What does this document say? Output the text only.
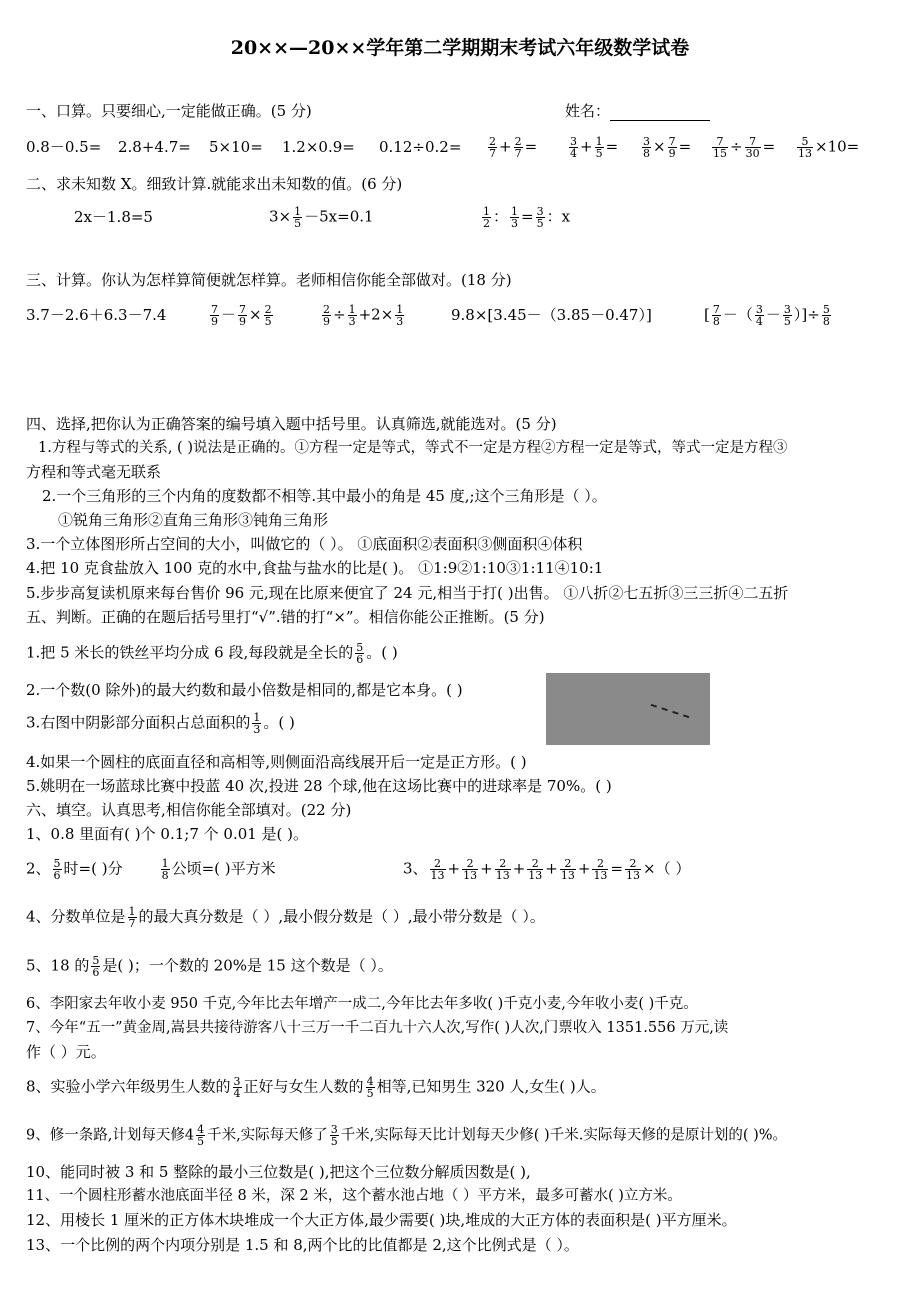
20××—20××学年第二学期期末考试六年级数学试卷
一、口算。只要细心,一定能做正确。(5 分)	姓名：
$0.8-0.5= 2.8+4.7= 5\times 10= 1.2\times 0.9= 0.12\div 0.2= \frac{2}{7} + \frac{2}{7}$ =	$\frac{3}{4} + \frac{1}{5} = \frac{3}{8} \times \frac{7}{9} = \frac{7}{15} \div \frac{7}{30} = \frac{5}{13} \times 10=$
二、求未知数 X。细致计算.就能求出未知数的值。(6 分)
2x－1.8=5	$3\times \frac{1}{5} -5x=0.1$	$\frac{1}{2}$ ： $\frac{1}{3} = \frac{3}{5}$ ：x
三、计算。你认为怎样算简便就怎样算。老师相信你能全部做对。(18 分)
3.7－2.6＋6.3－7.4	$\frac{7}{9} - \frac{7}{9} \times \frac{2}{5}$	$\frac{2}{9} \div \frac{1}{3} +2\times \frac{1}{3}$	9.8×[3.45－（3.85－0.47）]	[ $\frac{7}{8}$ －（ $\frac{3}{4} - \frac{3}{5}$ ）]÷ $\frac{5}{8}$
四、选择,把你认为正确答案的编号填入题中括号里。认真筛选,就能选对。(5 分)
1.方程与等式的关系, ( )说法是正确的。①方程一定是等式，等式不一定是方程②方程一定是等式，等式一定是方程③
方程和等式毫无联系
2.一个三角形的三个内角的度数都不相等.其中最小的角是 45 度,;这个三角形是（ ）。
①锐角三角形②直角三角形③钝角三角形
3.一个立体图形所占空间的大小，叫做它的（ ）。 ①底面积②表面积③侧面积④体积
4.把 10 克食盐放入 100 克的水中,食盐与盐水的比是( )。 ①1:9②1:10③1:11④10:1
5.步步高复读机原来每台售价 96 元,现在比原来便宜了 24 元,相当于打( )出售。 ①八折②七五折③三三折④二五折
五、判断。正确的在题后括号里打“√”.错的打“×”。相信你能公正推断。(5 分)
1.把 5 米长的铁丝平均分成 6 段,每段就是全长的 $\frac{5}{6}$ 。( )
2.一个数(0 除外)的最大约数和最小倍数是相同的,都是它本身。( )
3.右图中阴影部分面积占总面积的 $\frac{1}{3}$ 。( )
4.如果一个圆柱的底面直径和高相等,则侧面沿高线展开后一定是正方形。( )
5.姚明在一场蓝球比赛中投蓝 40 次,投进 28 个球,他在这场比赛中的进球率是 70%。( )
六、填空。认真思考,相信你能全部填对。(22 分)
1、0.8 里面有( )个 0.1;7 个 0.01 是( )。
2、 $\frac{5}{6}$ 时=( )分	$\frac{1}{8}$ 公顷=( )平方米	3、 $\frac{2}{13} + \frac{2}{13} + \frac{2}{13} + \frac{2}{13} + \frac{2}{13} + \frac{2}{13} = \frac{2}{13}$ ×（ ）
4、分数单位是 $\frac{1}{7}$ 的最大真分数是（ ）,最小假分数是（ ）,最小带分数是（ ）。
5、18 的 $\frac{5}{6}$ 是( )；一个数的 20%是 15 这个数是（ ）。
6、李阳家去年收小麦 950 千克,今年比去年增产一成二,今年比去年多收( )千克小麦,今年收小麦( )千克。
7、今年“五一”黄金周,嵩县共接待游客八十三万一千二百九十六人次,写作( )人次,门票收入 1351.556 万元,读
作（ ）元。
8、实验小学六年级男生人数的 $\frac{3}{4}$ 正好与女生人数的 $\frac{4}{5}$ 相等,已知男生 320 人,女生( )人。
9、修一条路,计划每天修$4 \frac{4}{5}$ 千米,实际每天修了 $\frac{3}{5}$ 千米,实际每天比计划每天少修( )千米.实际每天修的是原计划的( )%。
10、能同时被 3 和 5 整除的最小三位数是( ),把这个三位数分解质因数是( ),
11、一个圆柱形蓄水池底面半径 8 米，深 2 米，这个蓄水池占地（ ）平方米，最多可蓄水( )立方米。
12、用棱长 1 厘米的正方体木块堆成一个大正方体,最少需要( )块,堆成的大正方体的表面积是( )平方厘米。
13、一个比例的两个内项分别是 1.5 和 8,两个比的比值都是 2,这个比例式是（ ）。
